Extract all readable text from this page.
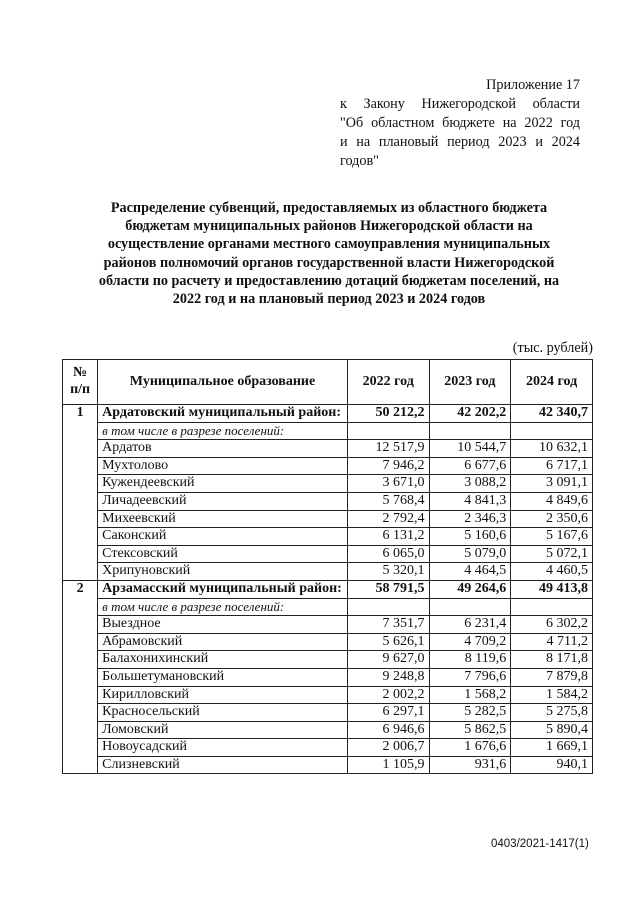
Приложение 17
к Закону Нижегородской области
"Об областном бюджете на 2022 год
и на плановый период 2023 и 2024
годов"
Распределение субвенций, предоставляемых из областного бюджета бюджетам муниципальных районов Нижегородской области на осуществление органами местного самоуправления муниципальных районов полномочий органов государственной власти Нижегородской области по расчету и предоставлению дотаций бюджетам поселений, на 2022 год и на плановый период 2023 и 2024 годов
(тыс. рублей)
№ п/п	Муниципальное образование	2022 год	2023 год	2024 год
1	Ардатовский муниципальный район:	50 212,2	42 202,2	42 340,7
	в том числе в разрезе поселений:			
	Ардатов	12 517,9	10 544,7	10 632,1
	Мухтолово	7 946,2	6 677,6	6 717,1
	Кужендеевский	3 671,0	3 088,2	3 091,1
	Личадеевский	5 768,4	4 841,3	4 849,6
	Михеевский	2 792,4	2 346,3	2 350,6
	Саконский	6 131,2	5 160,6	5 167,6
	Стексовский	6 065,0	5 079,0	5 072,1
	Хрипуновский	5 320,1	4 464,5	4 460,5
2	Арзамасский муниципальный район:	58 791,5	49 264,6	49 413,8
	в том числе в разрезе поселений:			
	Выездное	7 351,7	6 231,4	6 302,2
	Абрамовский	5 626,1	4 709,2	4 711,2
	Балахонихинский	9 627,0	8 119,6	8 171,8
	Большетумановский	9 248,8	7 796,6	7 879,8
	Кирилловский	2 002,2	1 568,2	1 584,2
	Красносельский	6 297,1	5 282,5	5 275,8
	Ломовский	6 946,6	5 862,5	5 890,4
	Новоусадский	2 006,7	1 676,6	1 669,1
	Слизневский	1 105,9	931,6	940,1
0403/2021-1417(1)
